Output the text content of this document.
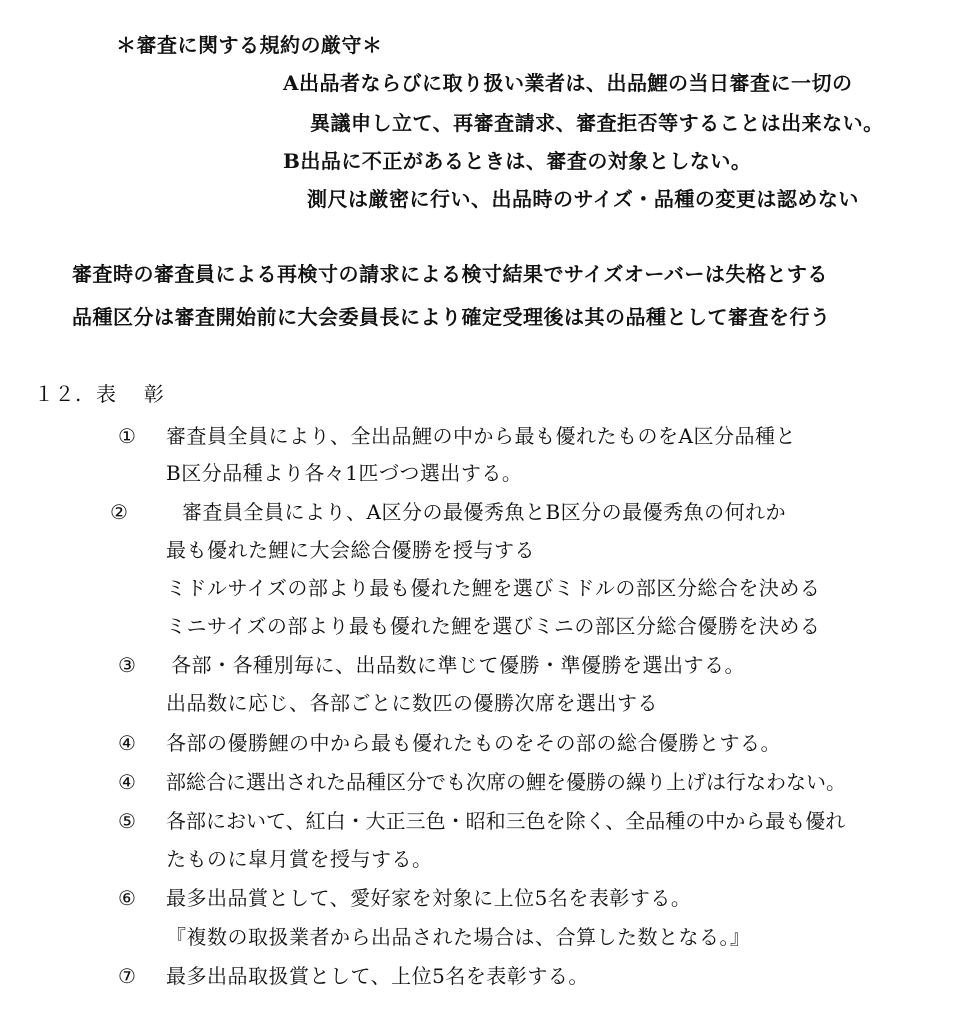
＊審査に関する規約の厳守＊
A出品者ならびに取り扱い業者は、出品鯉の当日審査に一切の
異議申し立て、再審査請求、審査拒否等することは出来ない。
B出品に不正があるときは、審査の対象としない。
測尺は厳密に行い、出品時のサイズ・品種の変更は認めない
審査時の審査員による再検寸の請求による検寸結果でサイズオーバーは失格とする
品種区分は審査開始前に大会委員長により確定受理後は其の品種として審査を行う
１２. 表　 彰
① 審査員全員により、全出品鯉の中から最も優れたものをA区分品種と
B区分品種より各々1匹づつ選出する。
②	審査員全員により、A区分の最優秀魚とB区分の最優秀魚の何れか
最も優れた鯉に大会総合優勝を授与する
ミドルサイズの部より最も優れた鯉を選びミドルの部区分総合を決める
ミニサイズの部より最も優れた鯉を選びミニの部区分総合優勝を決める
③ 各部・各種別毎に、出品数に準じて優勝・準優勝を選出する。
出品数に応じ、各部ごとに数匹の優勝次席を選出する
④ 各部の優勝鯉の中から最も優れたものをその部の総合優勝とする。
④ 部総合に選出された品種区分でも次席の鯉を優勝の繰り上げは行なわない。
⑤ 各部において、紅白・大正三色・昭和三色を除く、全品種の中から最も優れ
たものに皐月賞を授与する。
⑥ 最多出品賞として、愛好家を対象に上位5名を表彰する。
『複数の取扱業者から出品された場合は、合算した数となる。』
⑦ 最多出品取扱賞として、上位5名を表彰する。
